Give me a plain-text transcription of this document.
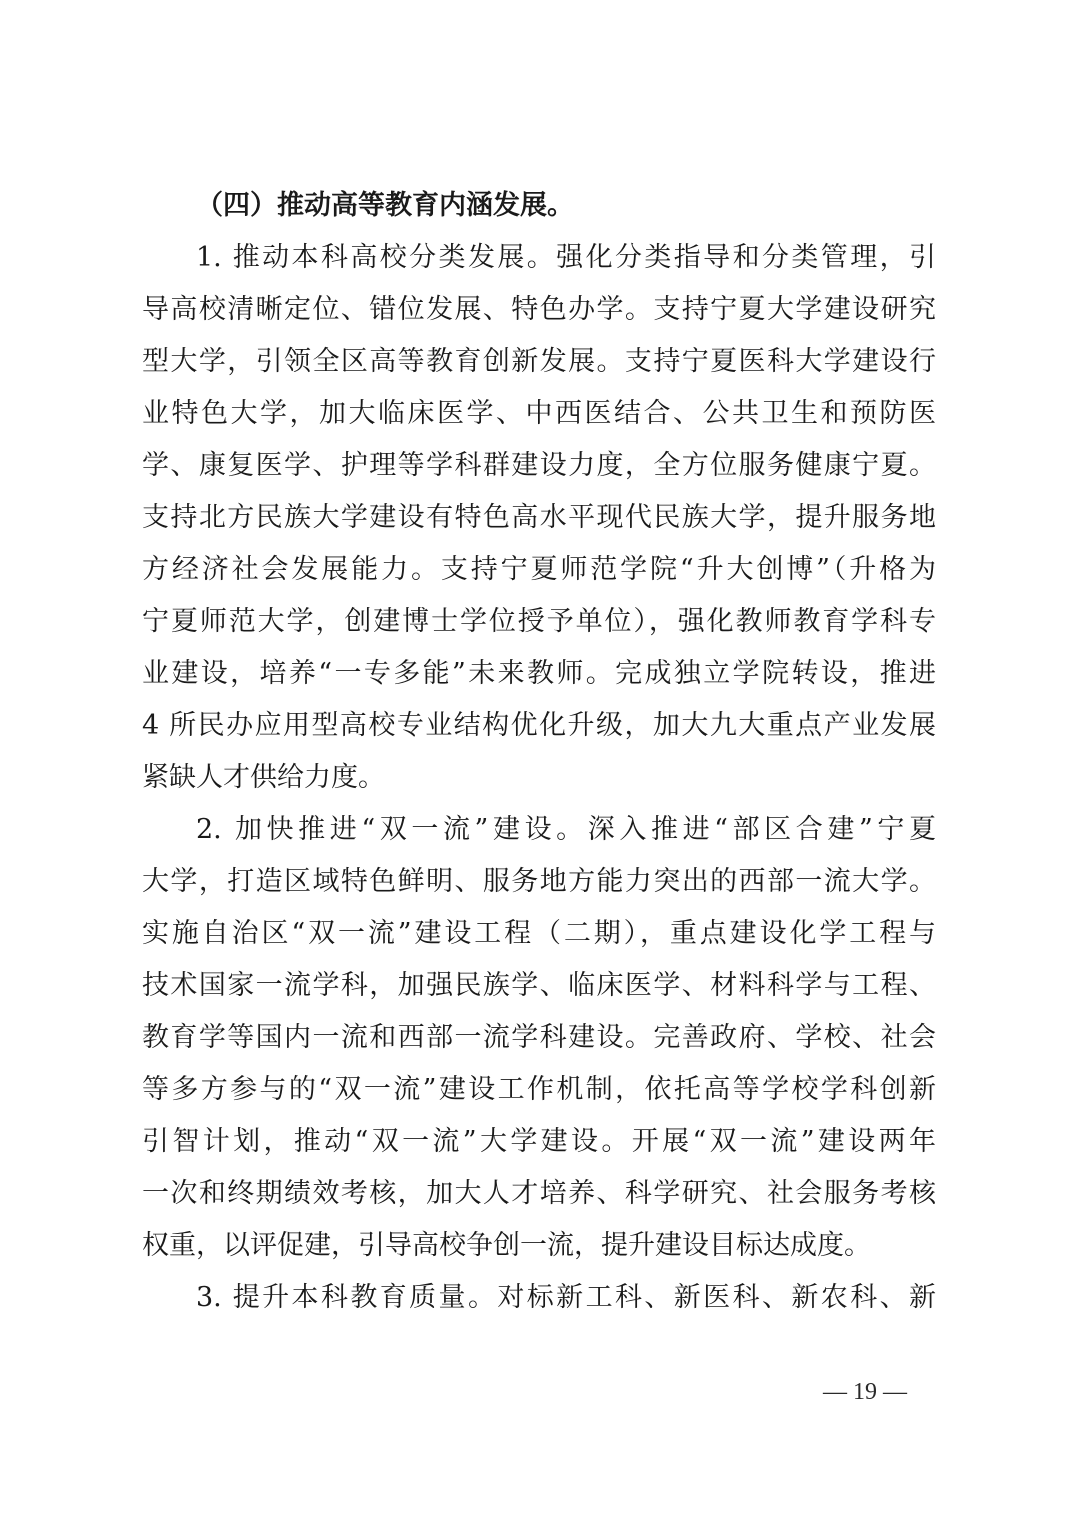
（四）推动高等教育内涵发展。
1. 推动本科高校分类发展。强化分类指导和分类管理，引
导高校清晰定位、错位发展、特色办学。支持宁夏大学建设研究
型大学，引领全区高等教育创新发展。支持宁夏医科大学建设行
业特色大学，加大临床医学、中西医结合、公共卫生和预防医
学、康复医学、护理等学科群建设力度，全方位服务健康宁夏。
支持北方民族大学建设有特色高水平现代民族大学，提升服务地
方经济社会发展能力。支持宁夏师范学院“升大创博”（升格为
宁夏师范大学，创建博士学位授予单位），强化教师教育学科专
业建设，培养“一专多能”未来教师。完成独立学院转设，推进
4 所民办应用型高校专业结构优化升级，加大九大重点产业发展
紧缺人才供给力度。
2. 加快推进“双一流”建设。深入推进“部区合建”宁夏
大学，打造区域特色鲜明、服务地方能力突出的西部一流大学。
实施自治区“双一流”建设工程（二期），重点建设化学工程与
技术国家一流学科，加强民族学、临床医学、材料科学与工程、
教育学等国内一流和西部一流学科建设。完善政府、学校、社会
等多方参与的“双一流”建设工作机制，依托高等学校学科创新
引智计划，推动“双一流”大学建设。开展“双一流”建设两年
一次和终期绩效考核，加大人才培养、科学研究、社会服务考核
权重，以评促建，引导高校争创一流，提升建设目标达成度。
3. 提升本科教育质量。对标新工科、新医科、新农科、新
— 19 —
